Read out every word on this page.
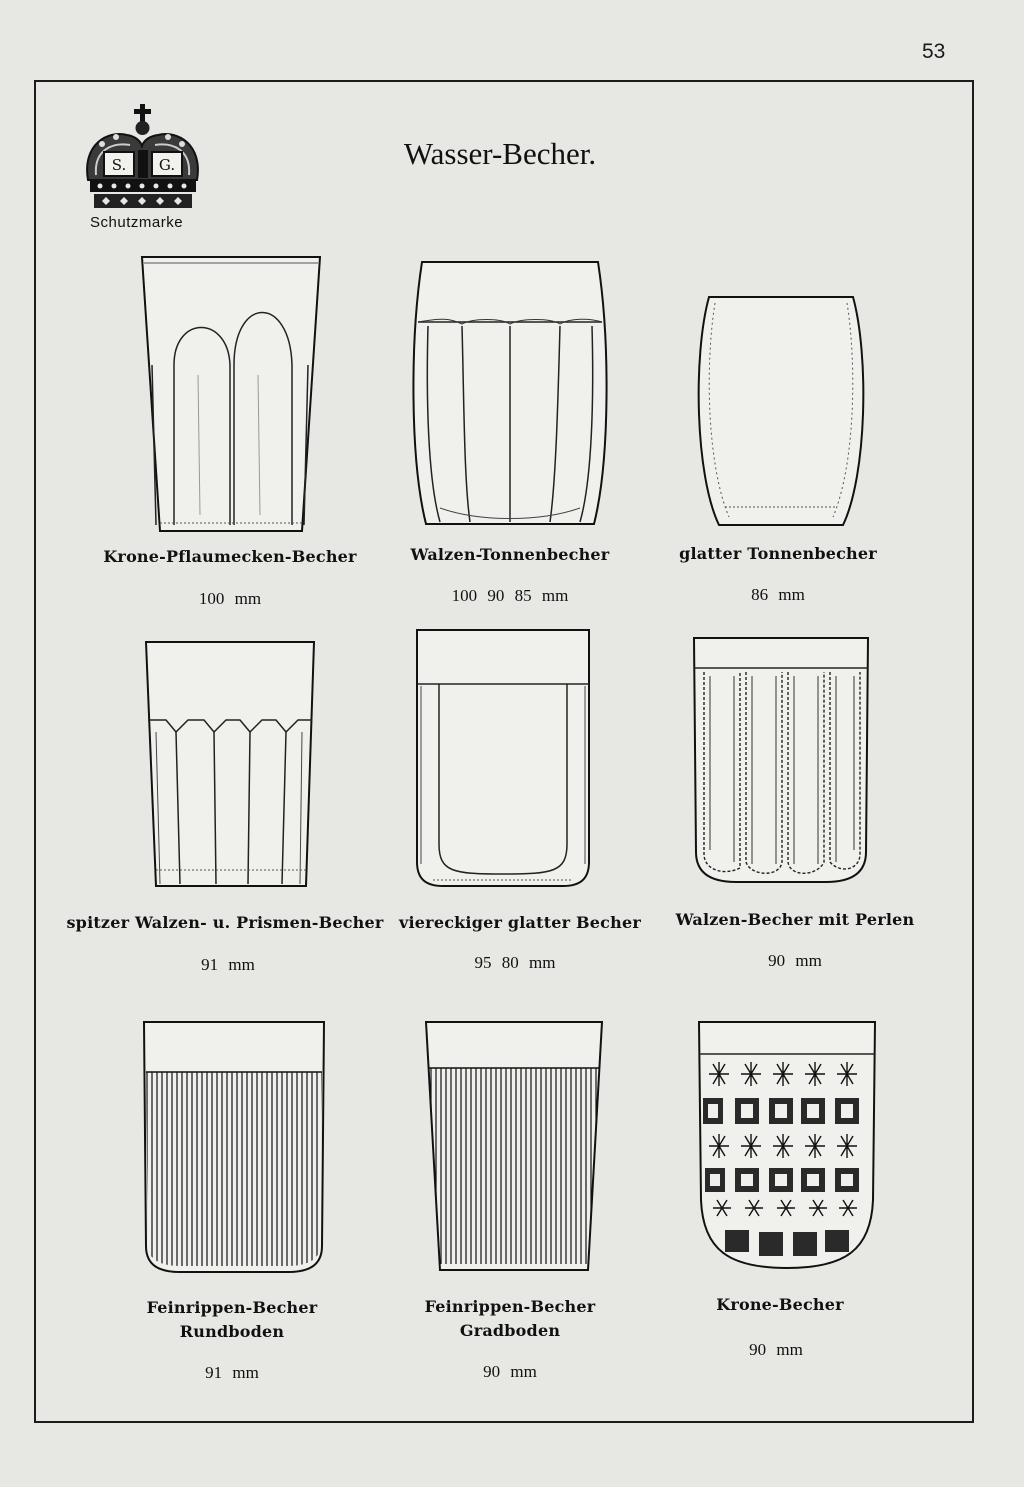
53
S. G.
Schutzmarke
Wasser-Becher.
Krone-Pflaumecken-Becher
100 mm
Walzen-Tonnenbecher
100 90 85 mm
glatter Tonnenbecher
86 mm
spitzer Walzen- u. Prismen-Becher
91 mm
viereckiger glatter Becher
95 80 mm
Walzen-Becher mit Perlen
90 mm
Feinrippen-Becher
Rundboden
91 mm
Feinrippen-Becher
Gradboden
90 mm
Krone-Becher
90 mm
